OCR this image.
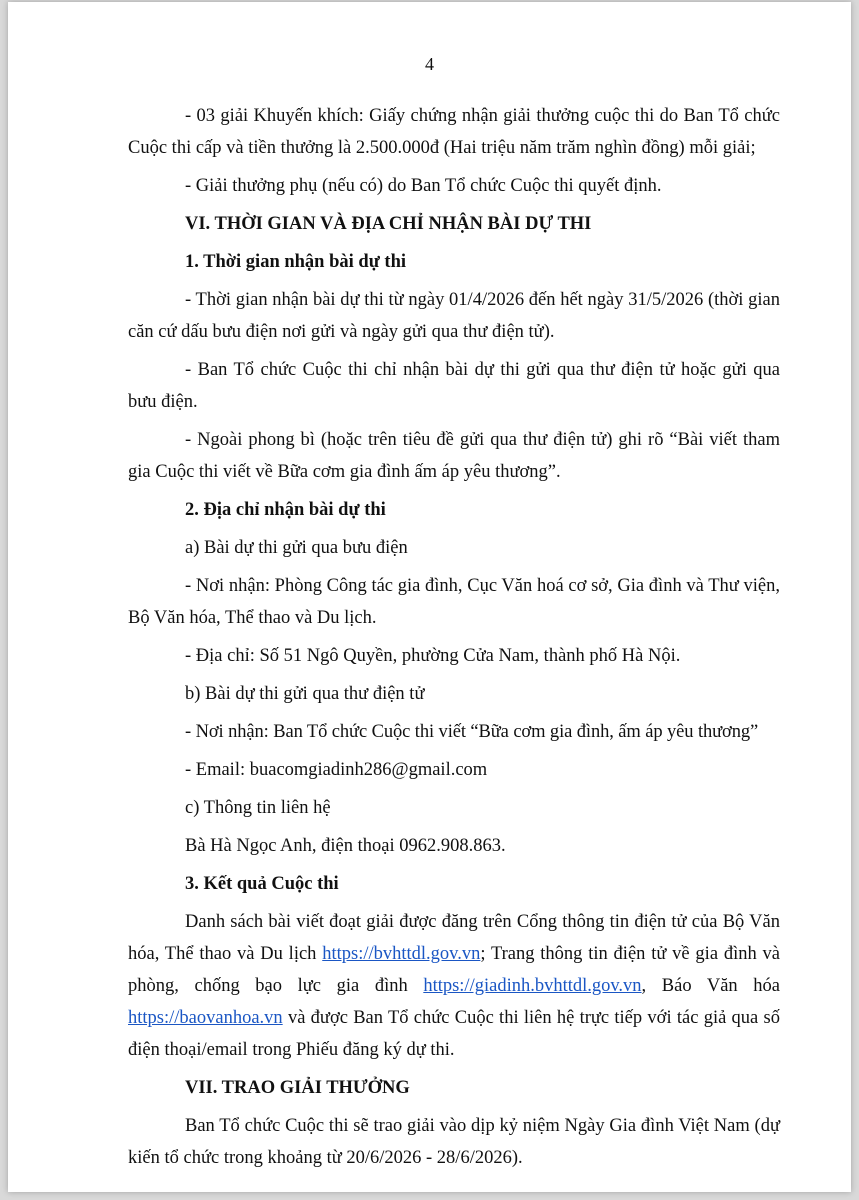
4

- 03 giải Khuyến khích: Giấy chứng nhận giải thưởng cuộc thi do Ban Tổ chức Cuộc thi cấp và tiền thưởng là 2.500.000đ (Hai triệu năm trăm nghìn đồng) mỗi giải;

- Giải thưởng phụ (nếu có) do Ban Tổ chức Cuộc thi quyết định.

VI. THỜI GIAN VÀ ĐỊA CHỈ NHẬN BÀI DỰ THI

1. Thời gian nhận bài dự thi

- Thời gian nhận bài dự thi từ ngày 01/4/2026 đến hết ngày 31/5/2026 (thời gian căn cứ dấu bưu điện nơi gửi và ngày gửi qua thư điện tử).

- Ban Tổ chức Cuộc thi chỉ nhận bài dự thi gửi qua thư điện tử hoặc gửi qua bưu điện.

- Ngoài phong bì (hoặc trên tiêu đề gửi qua thư điện tử) ghi rõ “Bài viết tham gia Cuộc thi viết về Bữa cơm gia đình ấm áp yêu thương”.

2. Địa chỉ nhận bài dự thi

a) Bài dự thi gửi qua bưu điện

- Nơi nhận: Phòng Công tác gia đình, Cục Văn hoá cơ sở, Gia đình và Thư viện, Bộ Văn hóa, Thể thao và Du lịch.

- Địa chỉ: Số 51 Ngô Quyền, phường Cửa Nam, thành phố Hà Nội.

b) Bài dự thi gửi qua thư điện tử

- Nơi nhận: Ban Tổ chức Cuộc thi viết “Bữa cơm gia đình, ấm áp yêu thương”

- Email: buacomgiadinh286@gmail.com

c) Thông tin liên hệ

Bà Hà Ngọc Anh, điện thoại 0962.908.863.

3. Kết quả Cuộc thi

Danh sách bài viết đoạt giải được đăng trên Cổng thông tin điện tử của Bộ Văn hóa, Thể thao và Du lịch https://bvhttdl.gov.vn; Trang thông tin điện tử về gia đình và phòng, chống bạo lực gia đình https://giadinh.bvhttdl.gov.vn, Báo Văn hóa https://baovanhoa.vn và được Ban Tổ chức Cuộc thi liên hệ trực tiếp với tác giả qua số điện thoại/email trong Phiếu đăng ký dự thi.

VII. TRAO GIẢI THƯỞNG

Ban Tổ chức Cuộc thi sẽ trao giải vào dịp kỷ niệm Ngày Gia đình Việt Nam (dự kiến tổ chức trong khoảng từ 20/6/2026 - 28/6/2026).
